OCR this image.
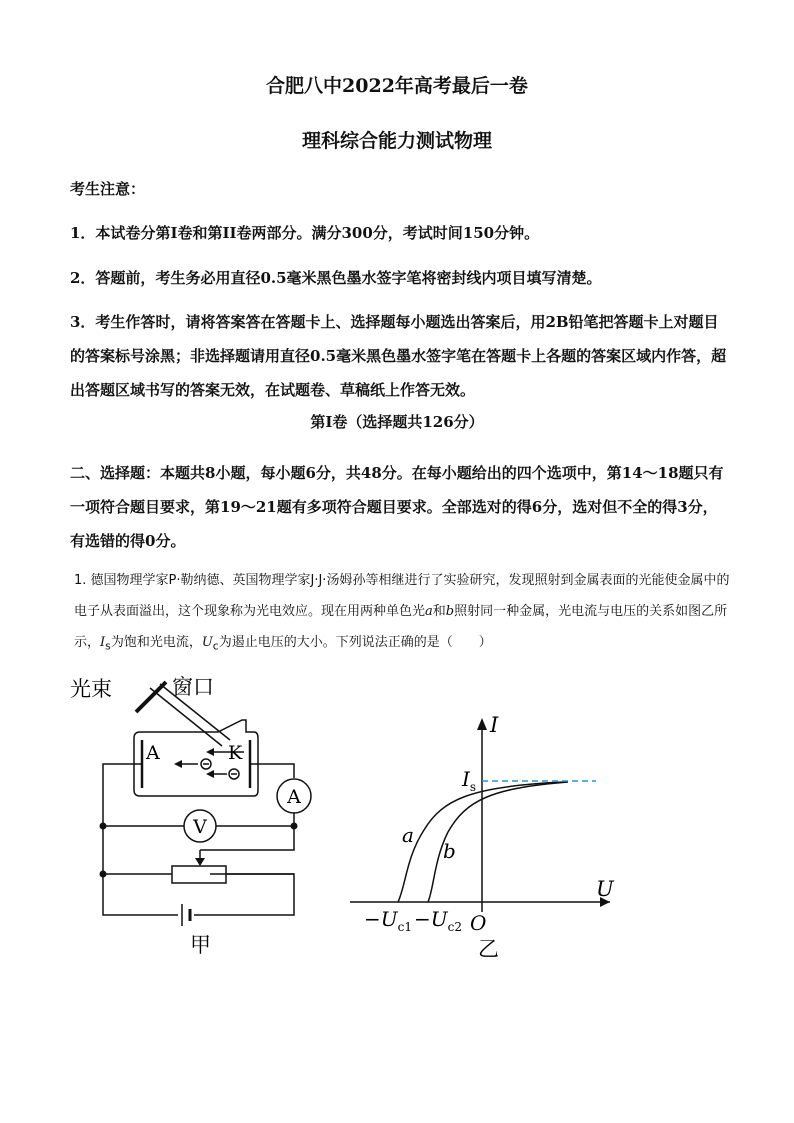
合肥八中2022年高考最后一卷
理科综合能力测试物理
考生注意：
1．本试卷分第Ⅰ卷和第ⅠⅠ卷两部分。满分300分，考试时间150分钟。
2．答题前，考生务必用直径0.5毫米黑色墨水签字笔将密封线内项目填写清楚。
3．考生作答时，请将答案答在答题卡上、选择题每小题选出答案后，用2B铅笔把答题卡上对题目的答案标号涂黑；非选择题请用直径0.5毫米黑色墨水签字笔在答题卡上各题的答案区域内作答，超出答题区域书写的答案无效，在试题卷、草稿纸上作答无效。
第Ⅰ卷（选择题共126分）
二、选择题：本题共8小题，每小题6分，共48分。在每小题给出的四个选项中，第14～18题只有一项符合题目要求，第19～21题有多项符合题目要求。全部选对的得6分，选对但不全的得3分，有选错的得0分。
1. 德国物理学家P·勒纳德、英国物理学家J·J·汤姆孙等相继进行了实验研究，发现照射到金属表面的光能使金属中的电子从表面溢出，这个现象称为光电效应。现在用两种单色光a和b照射同一种金属，光电流与电压的关系如图乙所示，$I_s$为饱和光电流，$U_c$为遏止电压的大小。下列说法正确的是（　　）
光束	窗口
A	K
A
V
甲
I
U
O
$I_s$
a
b
$-U_{c1} -U_{c2}$
乙
